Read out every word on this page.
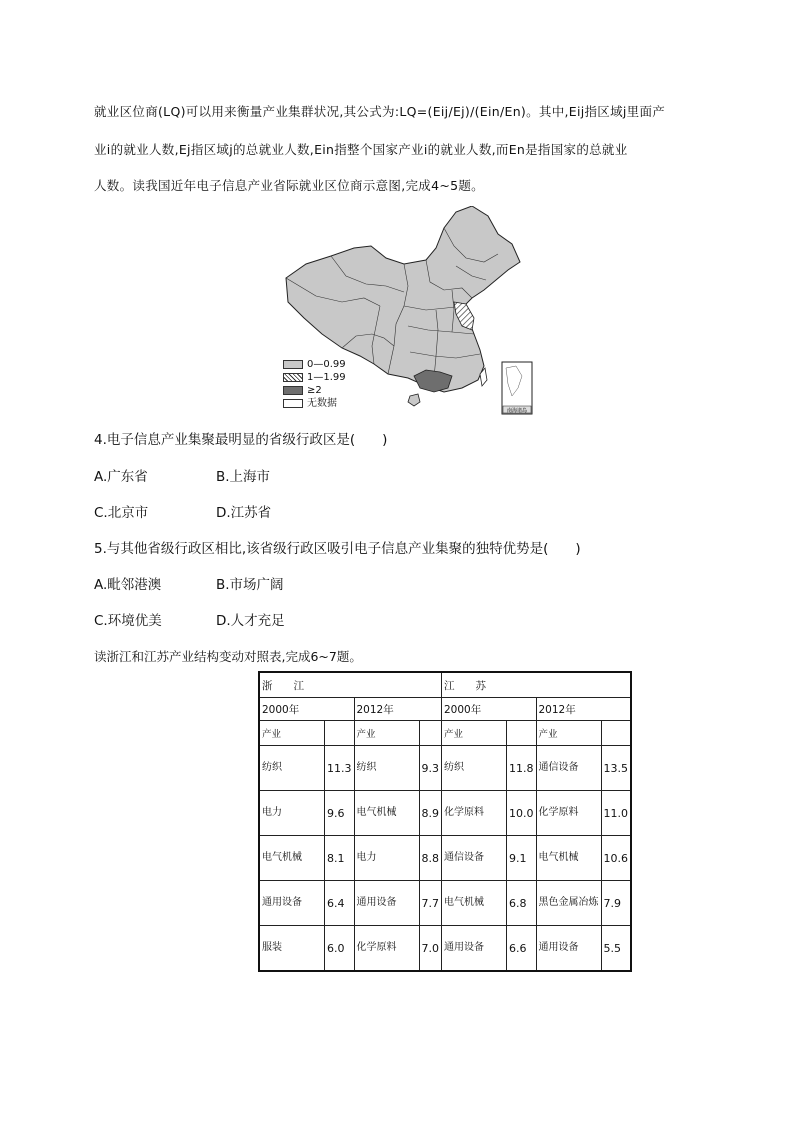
就业区位商(LQ)可以用来衡量产业集群状况,其公式为:LQ=(Eij/Ej)/(Ein/En)。其中,Eij指区域j里面产
业i的就业人数,Ej指区域j的总就业人数,Ein指整个国家产业i的就业人数,而En是指国家的总就业
人数。读我国近年电子信息产业省际就业区位商示意图,完成4~5题。
南海诸岛
0—0.99
1—1.99
≥2
无数据
4.电子信息产业集聚最明显的省级行政区是(　　)
A.广东省	B.上海市
C.北京市	D.江苏省
5.与其他省级行政区相比,该省级行政区吸引电子信息产业集聚的独特优势是(　　)
A.毗邻港澳	B.市场广阔
C.环境优美	D.人才充足
读浙江和江苏产业结构变动对照表,完成6~7题。
浙　　江				江　　苏			
2000年		2012年		2000年		2012年	
产业		产业		产业		产业	
纺织	11.3	纺织	9.3	纺织	11.8	通信设备	13.5
电力	9.6	电气机械	8.9	化学原料	10.0	化学原料	11.0
电气机械	8.1	电力	8.8	通信设备	9.1	电气机械	10.6
通用设备	6.4	通用设备	7.7	电气机械	6.8	黑色金属冶炼	7.9
服装	6.0	化学原料	7.0	通用设备	6.6	通用设备	5.5
